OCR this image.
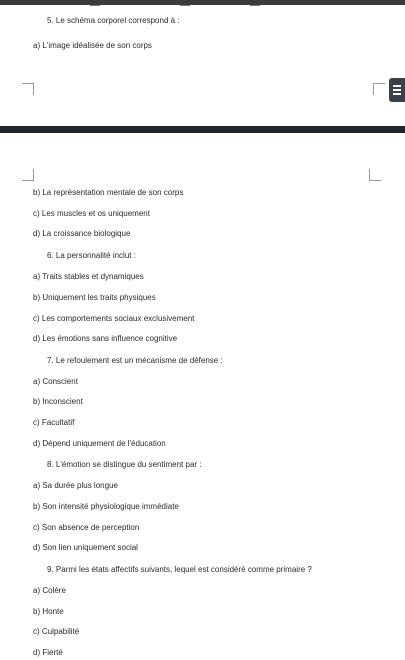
5. Le schéma corporel correspond à :
a) L'image idéalisée de son corps
b) La représentation mentale de son corps
c) Les muscles et os uniquement
d) La croissance biologique
6. La personnalité inclut :
a) Traits stables et dynamiques
b) Uniquement les traits physiques
c) Les comportements sociaux exclusivement
d) Les émotions sans influence cognitive
7. Le refoulement est un mécanisme de défense :
a) Conscient
b) Inconscient
c) Facultatif
d) Dépend uniquement de l'éducation
8. L'émotion se distingue du sentiment par :
a) Sa durée plus longue
b) Son intensité physiologique immédiate
c) Son absence de perception
d) Son lien uniquement social
9. Parmi les états affectifs suivants, lequel est considéré comme primaire ?
a) Colère
b) Honte
c) Culpabilité
d) Fierté
